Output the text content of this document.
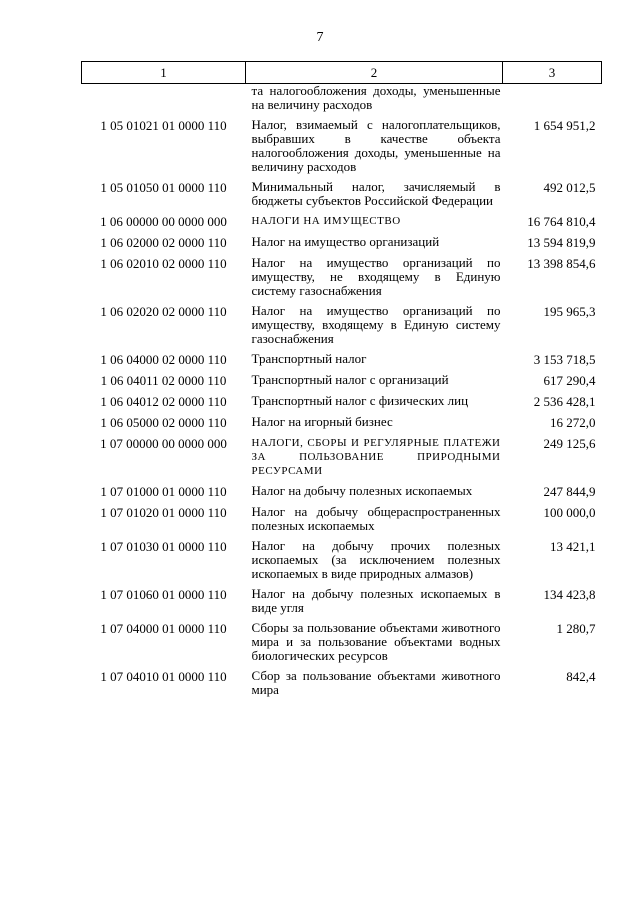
7
1	2	3
	та налогообложения доходы, уменьшенные на величину расходов	
1 05 01021 01 0000 110	Налог, взимаемый с налогоплательщиков, выбравших в качестве объекта налогообложения доходы, уменьшенные на величину расходов	1 654 951,2
1 05 01050 01 0000 110	Минимальный налог, зачисляемый в бюджеты субъектов Российской Федерации	492 012,5
1 06 00000 00 0000 000	НАЛОГИ НА ИМУЩЕСТВО	16 764 810,4
1 06 02000 02 0000 110	Налог на имущество организаций	13 594 819,9
1 06 02010 02 0000 110	Налог на имущество организаций по имуществу, не входящему в Единую систему газоснабжения	13 398 854,6
1 06 02020 02 0000 110	Налог на имущество организаций по имуществу, входящему в Единую систему газоснабжения	195 965,3
1 06 04000 02 0000 110	Транспортный налог	3 153 718,5
1 06 04011 02 0000 110	Транспортный налог с организаций	617 290,4
1 06 04012 02 0000 110	Транспортный налог с физических лиц	2 536 428,1
1 06 05000 02 0000 110	Налог на игорный бизнес	16 272,0
1 07 00000 00 0000 000	НАЛОГИ, СБОРЫ И РЕГУЛЯРНЫЕ ПЛАТЕЖИ ЗА ПОЛЬЗОВАНИЕ ПРИРОДНЫМИ РЕСУРСАМИ	249 125,6
1 07 01000 01 0000 110	Налог на добычу полезных ископаемых	247 844,9
1 07 01020 01 0000 110	Налог на добычу общераспространенных полезных ископаемых	100 000,0
1 07 01030 01 0000 110	Налог на добычу прочих полезных ископаемых (за исключением полезных ископаемых в виде природных алмазов)	13 421,1
1 07 01060 01 0000 110	Налог на добычу полезных ископаемых в виде угля	134 423,8
1 07 04000 01 0000 110	Сборы за пользование объектами животного мира и за пользование объектами водных биологических ресурсов	1 280,7
1 07 04010 01 0000 110	Сбор за пользование объектами животного мира	842,4
